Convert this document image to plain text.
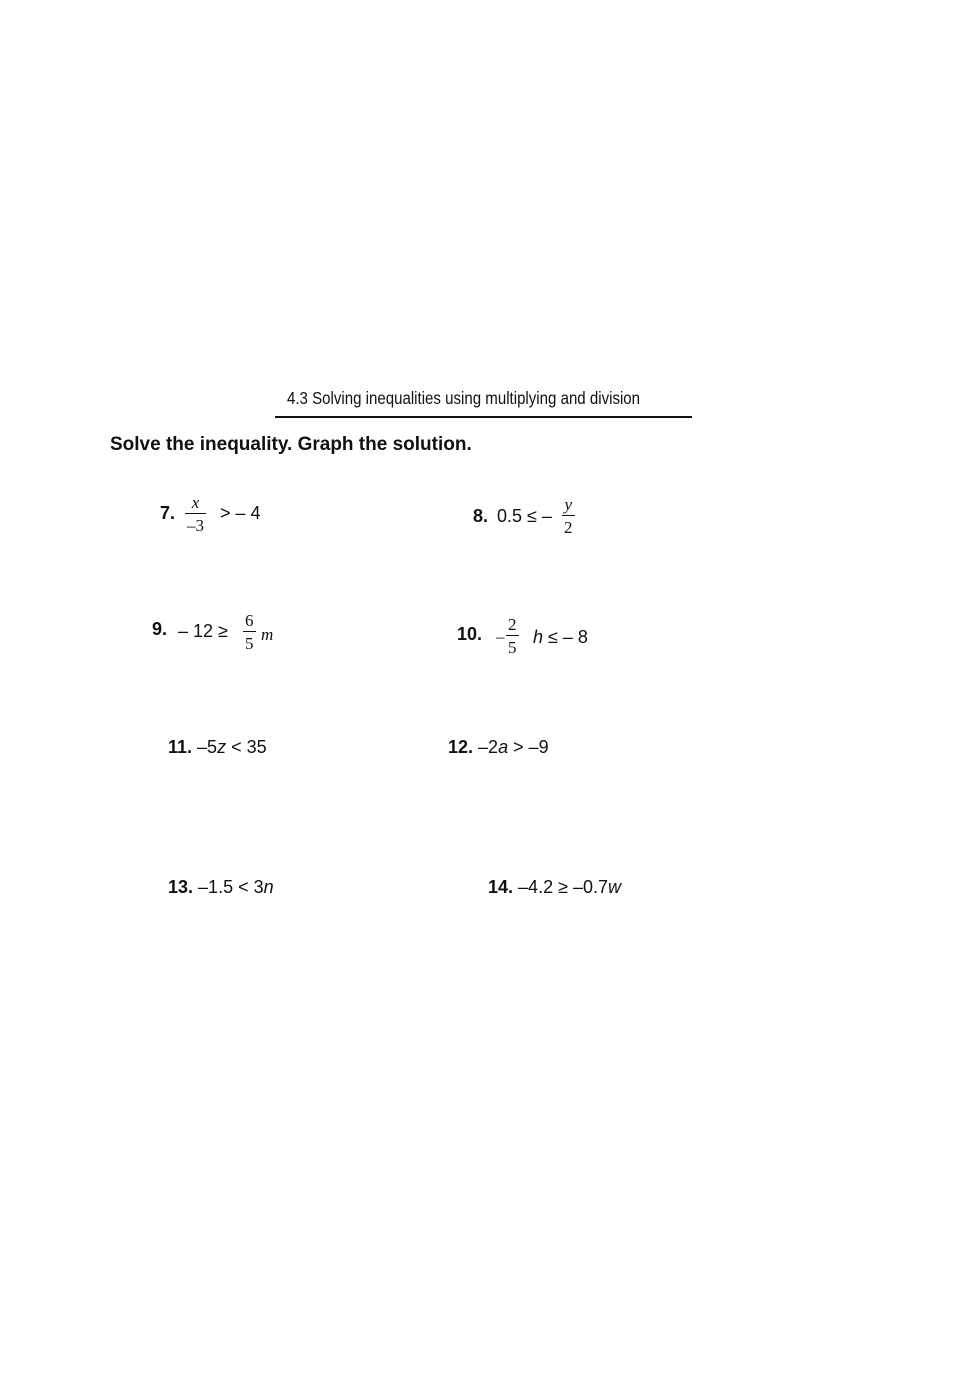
4.3 Solving inequalities using multiplying and division
Solve the inequality. Graph the solution.
7.
x
–3
> – 4	8. 0.5 ≤ –
y
2
9. – 12 ≥
6
5 m	10. –
2
5
h ≤ – 8
11. –5z < 35	12. –2a > –9
13. –1.5 < 3n	14. –4.2 ≥ –0.7w
